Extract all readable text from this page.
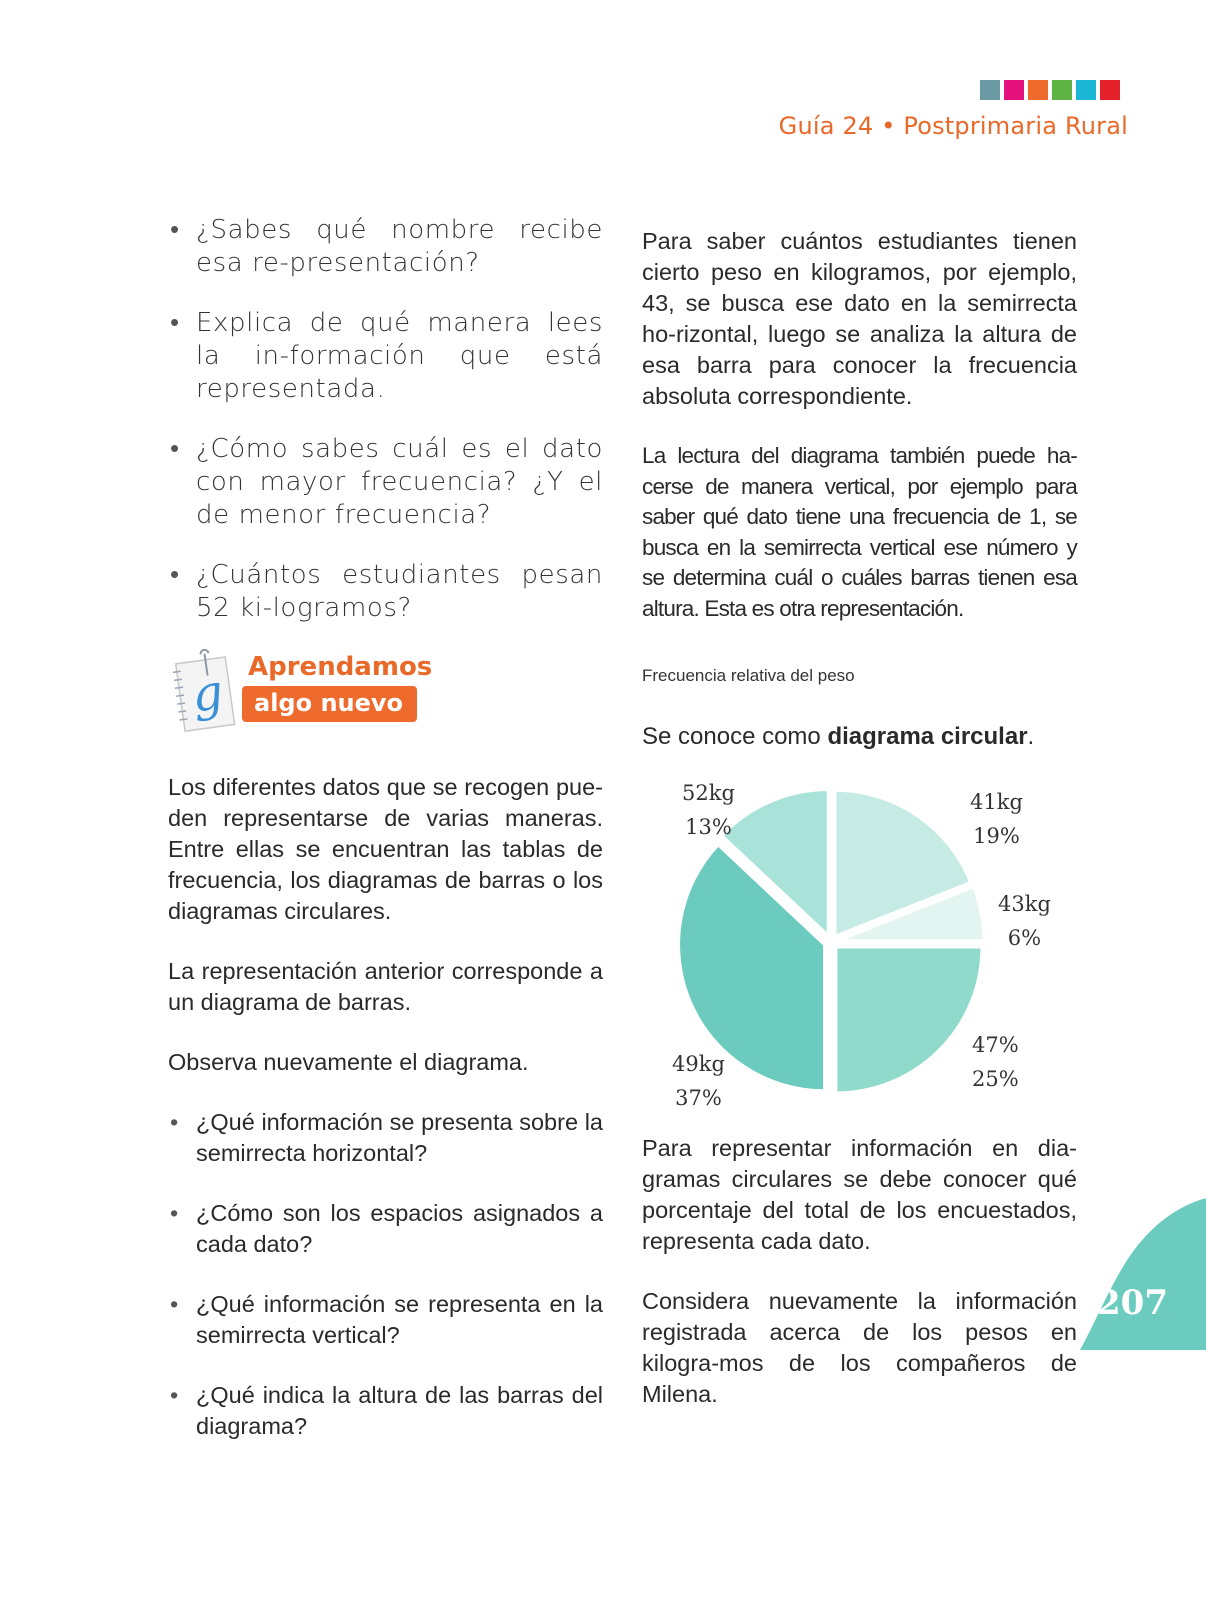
Guía 24 • Postprimaria Rural
• ¿Sabes qué nombre recibe esa re-presentación?
• Explica de qué manera lees la in-formación que está representada.
• ¿Cómo sabes cuál es el dato con mayor frecuencia? ¿Y el de menor frecuencia?
• ¿Cuántos estudiantes pesan 52 ki-logramos?
g Aprendamos
algo nuevo

Los diferentes datos que se recogen pue-den representarse de varias maneras. Entre ellas se encuentran las tablas de frecuencia, los diagramas de barras o los diagramas circulares.

La representación anterior corresponde a un diagrama de barras.

Observa nuevamente el diagrama.

• ¿Qué información se presenta sobre la semirrecta horizontal?
• ¿Cómo son los espacios asignados a cada dato?
• ¿Qué información se representa en la semirrecta vertical?
• ¿Qué indica la altura de las barras del diagrama?

Para saber cuántos estudiantes tienen cierto peso en kilogramos, por ejemplo, 43, se busca ese dato en la semirrecta ho-rizontal, luego se analiza la altura de esa barra para conocer la frecuencia absoluta correspondiente.

La lectura del diagrama también puede ha-cerse de manera vertical, por ejemplo para saber qué dato tiene una frecuencia de 1, se busca en la semirrecta vertical ese número y se determina cuál o cuáles barras tienen esa altura. Esta es otra representación.

Frecuencia relativa del peso
Se conoce como diagrama circular.
41kg
19%
43kg
6%
47%
25%
49kg
37%
52kg
13%

Para representar información en dia-gramas circulares se debe conocer qué porcentaje del total de los encuestados, representa cada dato.

Considera nuevamente la información registrada acerca de los pesos en kilogra-mos de los compañeros de Milena.

207
